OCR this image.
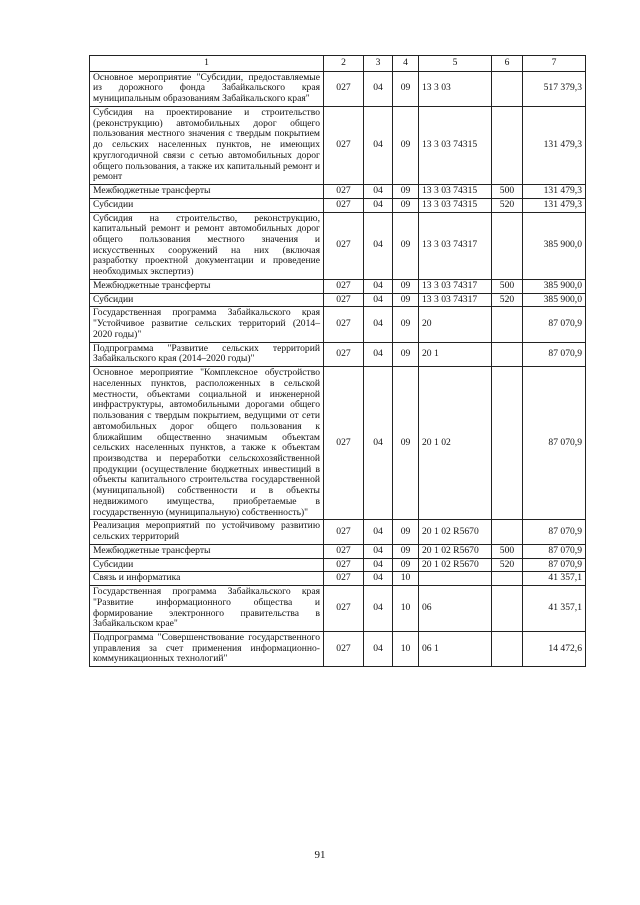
1	2	3	4	5	6	7
Основное мероприятие "Субсидии, предоставляемые из дорожного фонда Забайкальского края муниципальным образованиям Забайкальского края"	027	04	09	13 3 03		517 379,3
Субсидия на проектирование и строительство (реконструкцию) автомобильных дорог общего пользования местного значения с твердым покрытием до сельских населенных пунктов, не имеющих круглогодичной связи с сетью автомобильных дорог общего пользования, а также их капитальный ремонт и ремонт	027	04	09	13 3 03 74315		131 479,3
Межбюджетные трансферты	027	04	09	13 3 03 74315	500	131 479,3
Субсидии	027	04	09	13 3 03 74315	520	131 479,3
Субсидия на строительство, реконструкцию, капитальный ремонт и ремонт автомобильных дорог общего пользования местного значения и искусственных сооружений на них (включая разработку проектной документации и проведение необходимых экспертиз)	027	04	09	13 3 03 74317		385 900,0
Межбюджетные трансферты	027	04	09	13 3 03 74317	500	385 900,0
Субсидии	027	04	09	13 3 03 74317	520	385 900,0
Государственная программа Забайкальского края "Устойчивое развитие сельских территорий (2014–2020 годы)"	027	04	09	20		87 070,9
Подпрограмма "Развитие сельских территорий Забайкальского края (2014–2020 годы)"	027	04	09	20 1		87 070,9
Основное мероприятие "Комплексное обустройство населенных пунктов, расположенных в сельской местности, объектами социальной и инженерной инфраструктуры, автомобильными дорогами общего пользования с твердым покрытием, ведущими от сети автомобильных дорог общего пользования к ближайшим общественно значимым объектам сельских населенных пунктов, а также к объектам производства и переработки сельскохозяйственной продукции (осуществление бюджетных инвестиций в объекты капитального строительства государственной (муниципальной) собственности и в объекты недвижимого имущества, приобретаемые в государственную (муниципальную) собственность)"	027	04	09	20 1 02		87 070,9
Реализация мероприятий по устойчивому развитию сельских территорий	027	04	09	20 1 02 R5670		87 070,9
Межбюджетные трансферты	027	04	09	20 1 02 R5670	500	87 070,9
Субсидии	027	04	09	20 1 02 R5670	520	87 070,9
Связь и информатика	027	04	10			41 357,1
Государственная программа Забайкальского края "Развитие информационного общества и формирование электронного правительства в Забайкальском крае"	027	04	10	06		41 357,1
Подпрограмма "Совершенствование государственного управления за счет применения информационно-коммуникационных технологий"	027	04	10	06 1		14 472,6
91
